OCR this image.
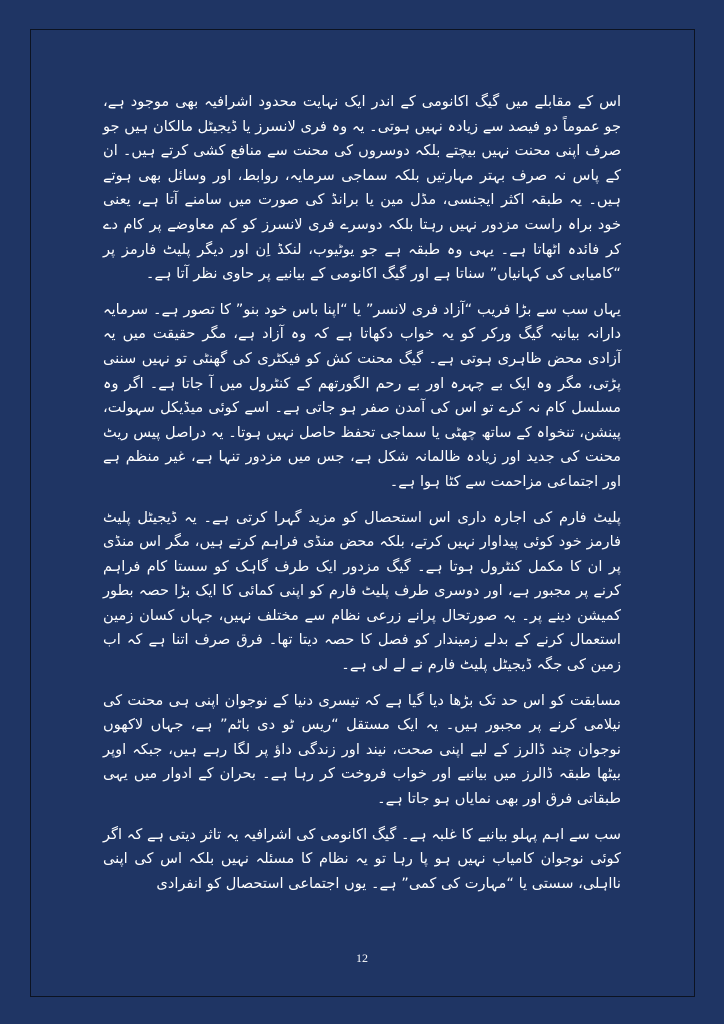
اس کے مقابلے میں گیگ اکانومی کے اندر ایک نہایت محدود اشرافیہ بھی موجود ہے، جو عموماً دو فیصد سے زیادہ نہیں ہوتی۔ یہ وہ فری لانسرز یا ڈیجیٹل مالکان ہیں جو صرف اپنی محنت نہیں بیچتے بلکہ دوسروں کی محنت سے منافع کشی کرتے ہیں۔ ان کے پاس نہ صرف بہتر مہارتیں بلکہ سماجی سرمایہ، روابط، اور وسائل بھی ہوتے ہیں۔ یہ طبقہ اکثر ایجنسی، مڈل مین یا برانڈ کی صورت میں سامنے آتا ہے، یعنی خود براہ راست مزدور نہیں رہتا بلکہ دوسرے فری لانسرز کو کم معاوضے پر کام دے کر فائدہ اٹھاتا ہے۔ یہی وہ طبقہ ہے جو یوٹیوب، لنکڈ اِن اور دیگر پلیٹ فارمز پر “کامیابی کی کہانیاں” سناتا ہے اور گیگ اکانومی کے بیانیے پر حاوی نظر آتا ہے۔

یہاں سب سے بڑا فریب “آزاد فری لانسر” یا “اپنا باس خود بنو” کا تصور ہے۔ سرمایہ دارانہ بیانیہ گیگ ورکر کو یہ خواب دکھاتا ہے کہ وہ آزاد ہے، مگر حقیقت میں یہ آزادی محض ظاہری ہوتی ہے۔ گیگ محنت کش کو فیکٹری کی گھنٹی تو نہیں سننی پڑتی، مگر وہ ایک بے چہرہ اور بے رحم الگورتھم کے کنٹرول میں آ جاتا ہے۔ اگر وہ مسلسل کام نہ کرے تو اس کی آمدن صفر ہو جاتی ہے۔ اسے کوئی میڈیکل سہولت، پینشن، تنخواہ کے ساتھ چھٹی یا سماجی تحفظ حاصل نہیں ہوتا۔ یہ دراصل پیس ریٹ محنت کی جدید اور زیادہ ظالمانہ شکل ہے، جس میں مزدور تنہا ہے، غیر منظم ہے اور اجتماعی مزاحمت سے کٹا ہوا ہے۔

پلیٹ فارم کی اجارہ داری اس استحصال کو مزید گہرا کرتی ہے۔ یہ ڈیجیٹل پلیٹ فارمز خود کوئی پیداوار نہیں کرتے، بلکہ محض منڈی فراہم کرتے ہیں، مگر اس منڈی پر ان کا مکمل کنٹرول ہوتا ہے۔ گیگ مزدور ایک طرف گاہک کو سستا کام فراہم کرنے پر مجبور ہے، اور دوسری طرف پلیٹ فارم کو اپنی کمائی کا ایک بڑا حصہ بطور کمیشن دینے پر۔ یہ صورتحال پرانے زرعی نظام سے مختلف نہیں، جہاں کسان زمین استعمال کرنے کے بدلے زمیندار کو فصل کا حصہ دیتا تھا۔ فرق صرف اتنا ہے کہ اب زمین کی جگہ ڈیجیٹل پلیٹ فارم نے لے لی ہے۔

مسابقت کو اس حد تک بڑھا دیا گیا ہے کہ تیسری دنیا کے نوجوان اپنی ہی محنت کی نیلامی کرنے پر مجبور ہیں۔ یہ ایک مستقل “ریس ٹو دی باٹم” ہے، جہاں لاکھوں نوجوان چند ڈالرز کے لیے اپنی صحت، نیند اور زندگی داؤ پر لگا رہے ہیں، جبکہ اوپر بیٹھا طبقہ ڈالرز میں بیانیے اور خواب فروخت کر رہا ہے۔ بحران کے ادوار میں یہی طبقاتی فرق اور بھی نمایاں ہو جاتا ہے۔

سب سے اہم پہلو بیانیے کا غلبہ ہے۔ گیگ اکانومی کی اشرافیہ یہ تاثر دیتی ہے کہ اگر کوئی نوجوان کامیاب نہیں ہو پا رہا تو یہ نظام کا مسئلہ نہیں بلکہ اس کی اپنی نااہلی، سستی یا “مہارت کی کمی” ہے۔ یوں اجتماعی استحصال کو انفرادی

12
